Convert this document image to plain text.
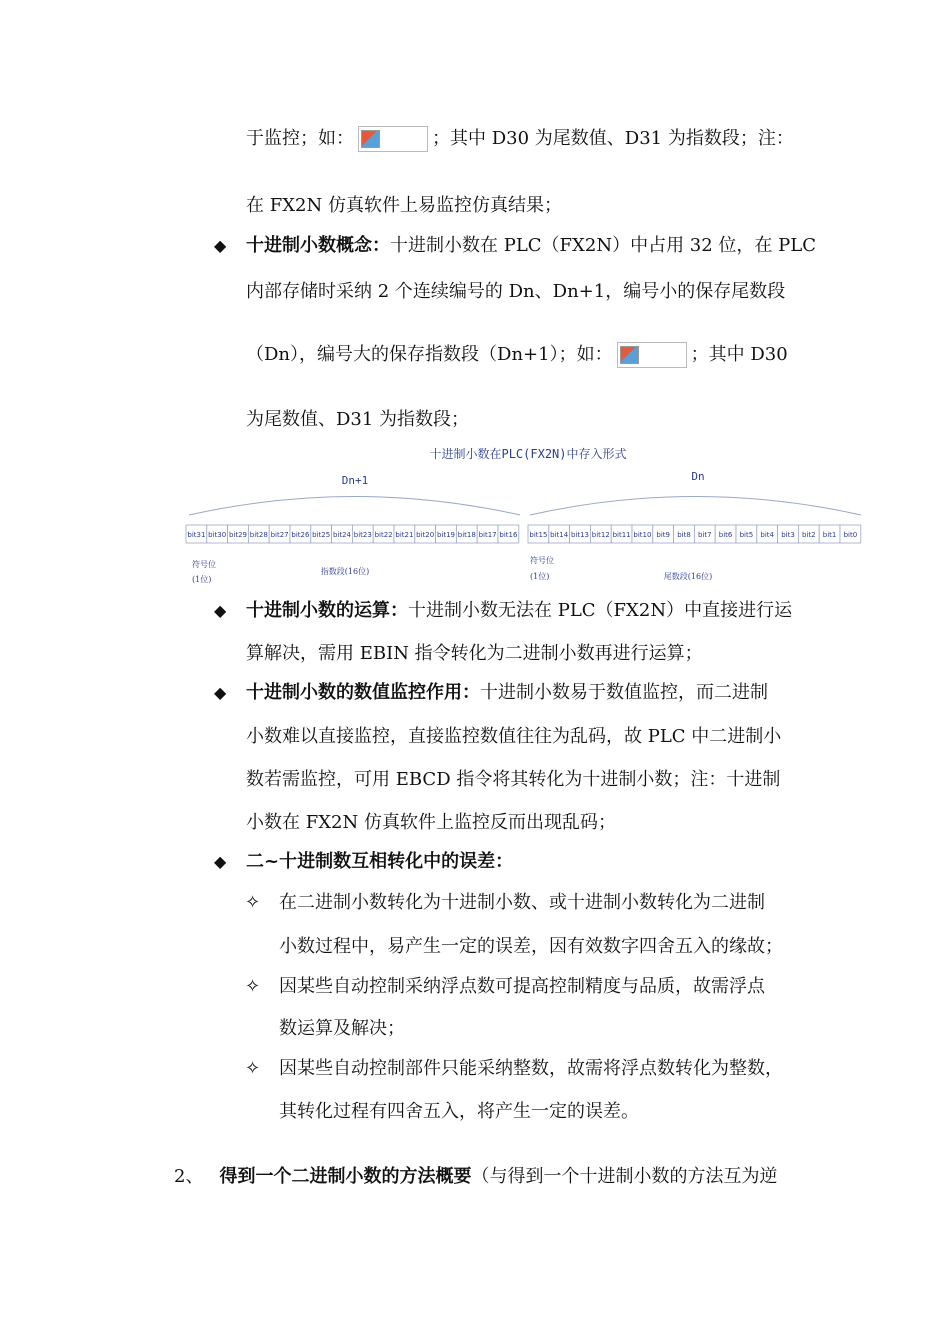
于监控；如：	；其中 D30 为尾数值、D31 为指数段；注：
在 FX2N 仿真软件上易监控仿真结果；
◆ 十进制小数概念：十进制小数在 PLC（FX2N）中占用 32 位，在 PLC
内部存储时采纳 2 个连续编号的 Dn、Dn+1，编号小的保存尾数段
（Dn），编号大的保存指数段（Dn+1）；如：	；其中 D30
为尾数值、D31 为指数段；
十进制小数在PLC(FX2N)中存入形式
Dn+1	Dn
bit31 bit30 bit29 bit28 bit27 bit26 bit25 bit24 bit23 bit22 bit21 bit20 bit19 bit18 bit17 bit16 bit15 bit14 bit13 bit12 bit11 bit10 bit9 bit8 bit7 bit6 bit5 bit4 bit3 bit2 bit1 bit0
符号位
(1位)
指数段(16位)
符号位
(1位)	尾数段(16位)
◆ 十进制小数的运算：十进制小数无法在 PLC（FX2N）中直接进行运
算解决，需用 EBIN 指令转化为二进制小数再进行运算；
◆ 十进制小数的数值监控作用：十进制小数易于数值监控，而二进制
小数难以直接监控，直接监控数值往往为乱码，故 PLC 中二进制小
数若需监控，可用 EBCD 指令将其转化为十进制小数；注：十进制
小数在 FX2N 仿真软件上监控反而出现乱码；
◆ 二~十进制数互相转化中的误差：
✧ 在二进制小数转化为十进制小数、或十进制小数转化为二进制
小数过程中，易产生一定的误差，因有效数字四舍五入的缘故；
✧ 因某些自动控制采纳浮点数可提高控制精度与品质，故需浮点
数运算及解决；
✧ 因某些自动控制部件只能采纳整数，故需将浮点数转化为整数，
其转化过程有四舍五入，将产生一定的误差。
2、 得到一个二进制小数的方法概要（与得到一个十进制小数的方法互为逆
